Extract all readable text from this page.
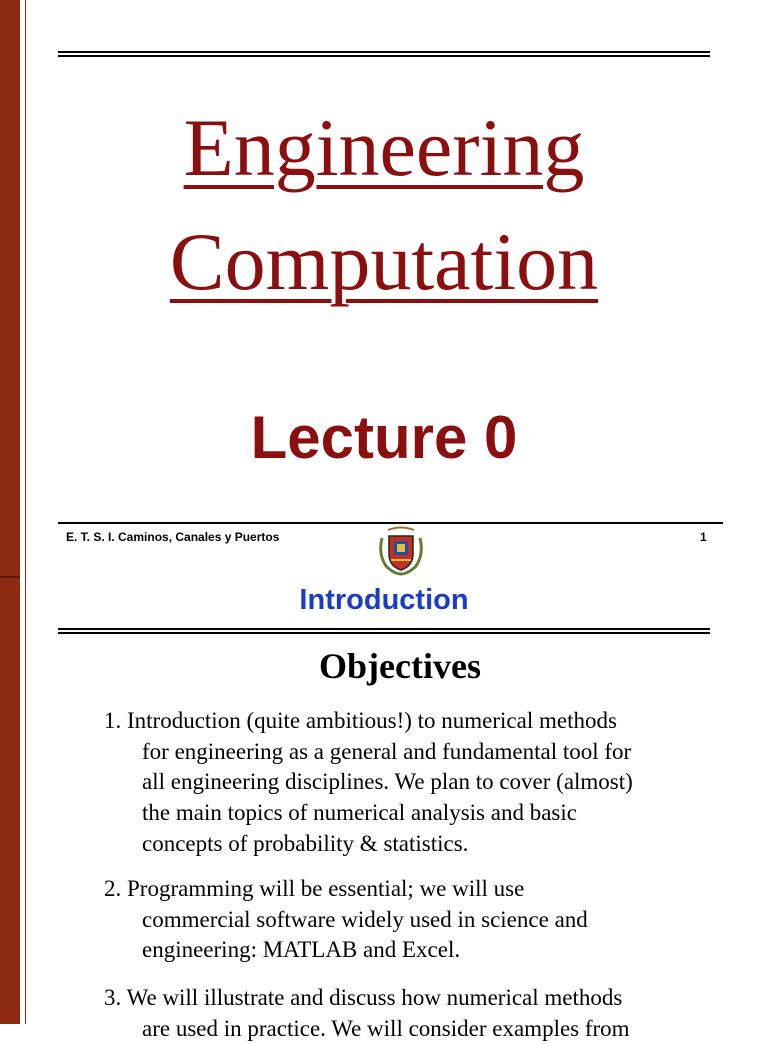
Engineering
Computation
Lecture 0
E. T. S. I. Caminos, Canales y Puertos	1
Introduction
Objectives
1. Introduction (quite ambitious!) to numerical methods
for engineering as a general and fundamental tool for
all engineering disciplines. We plan to cover (almost)
the main topics of numerical analysis and basic
concepts of probability & statistics.
2. Programming will be essential; we will use
commercial software widely used in science and
engineering: MATLAB and Excel.
3. We will illustrate and discuss how numerical methods
are used in practice. We will consider examples from
